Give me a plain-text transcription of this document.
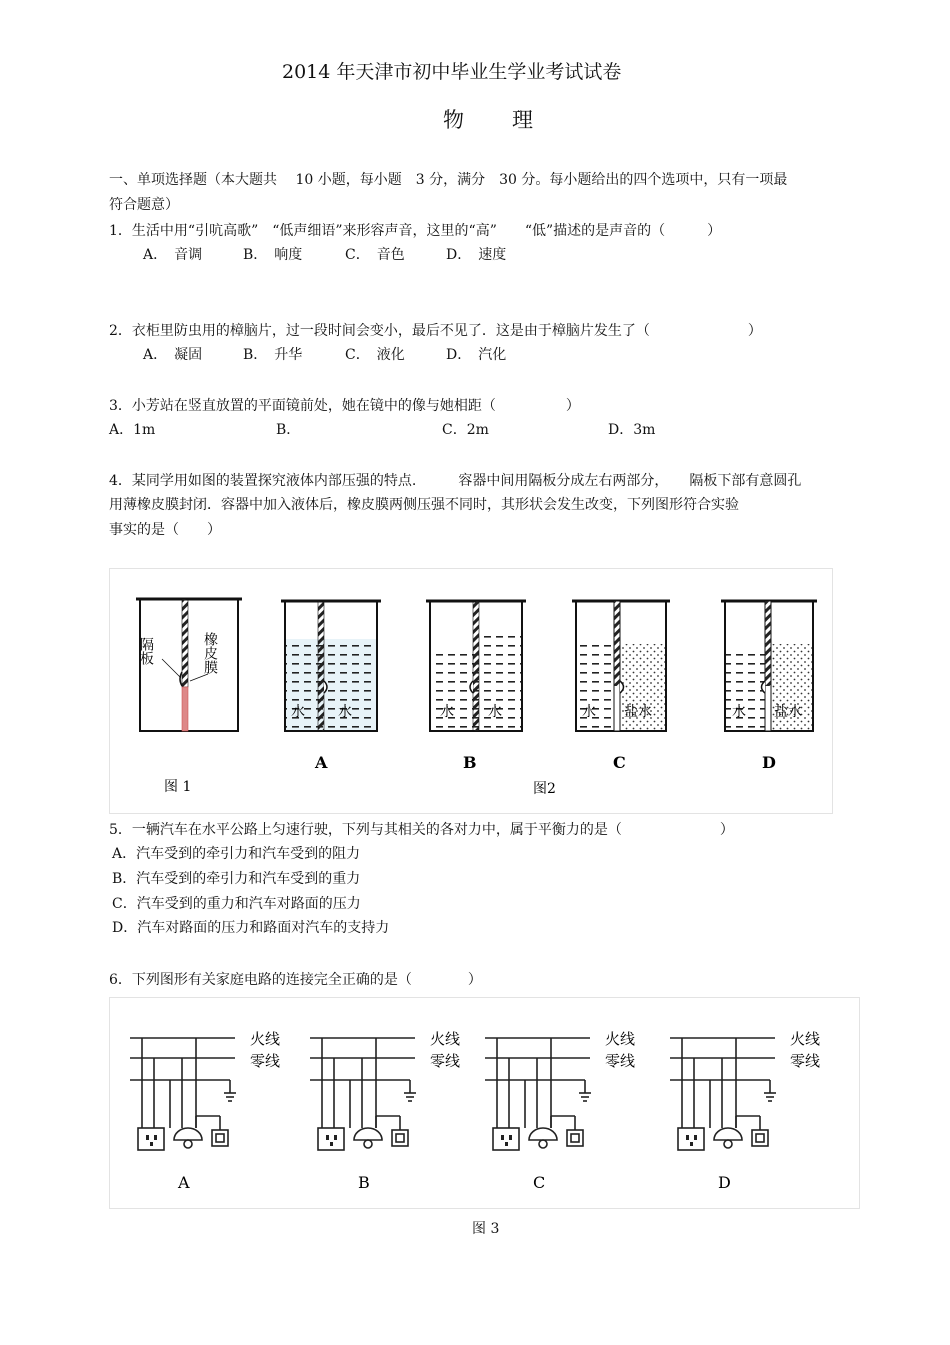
2014 年天津市初中毕业生学业考试试卷
物　　理
一、单项选择题（本大题共　 10 小题，每小题　3 分，满分　30 分。每小题给出的四个选项中，只有一项最
符合题意）
1．生活中用“引吭高歌”　“低声细语”来形容声音，这里的“高”　　“低”描述的是声音的（　　　）
A．　音调	B．　响度	C．　音色	D．　速度
2．衣柜里防虫用的樟脑片，过一段时间会变小，最后不见了．这是由于樟脑片发生了（　　　　　　　）
A．　凝固	B．　升华	C．　液化	D．　汽化
3．小芳站在竖直放置的平面镜前处，她在镜中的像与她相距（　　　　　）
A．1m	B．	C．2m	D．3m
4．某同学用如图的装置探究液体内部压强的特点.　　　容器中间用隔板分成左右两部分，　　隔板下部有意圆孔
用薄橡皮膜封闭．容器中加入液体后，橡皮膜两侧压强不同时，其形状会发生改变，下列图形符合实验
事实的是（　　）
隔板	橡皮膜
图 1
水 水
A
水 水
B
水 盐水
C
水 盐水
D
图2
5．一辆汽车在水平公路上匀速行驶，下列与其相关的各对力中，属于平衡力的是（　　　　　　　）
A．汽车受到的牵引力和汽车受到的阻力
B．汽车受到的牵引力和汽车受到的重力
C．汽车受到的重力和汽车对路面的压力
D．汽车对路面的压力和路面对汽车的支持力
6．下列图形有关家庭电路的连接完全正确的是（　　　　）
火线
零线
A
火线
零线
B
火线
零线
C
火线
零线
D
图 3
